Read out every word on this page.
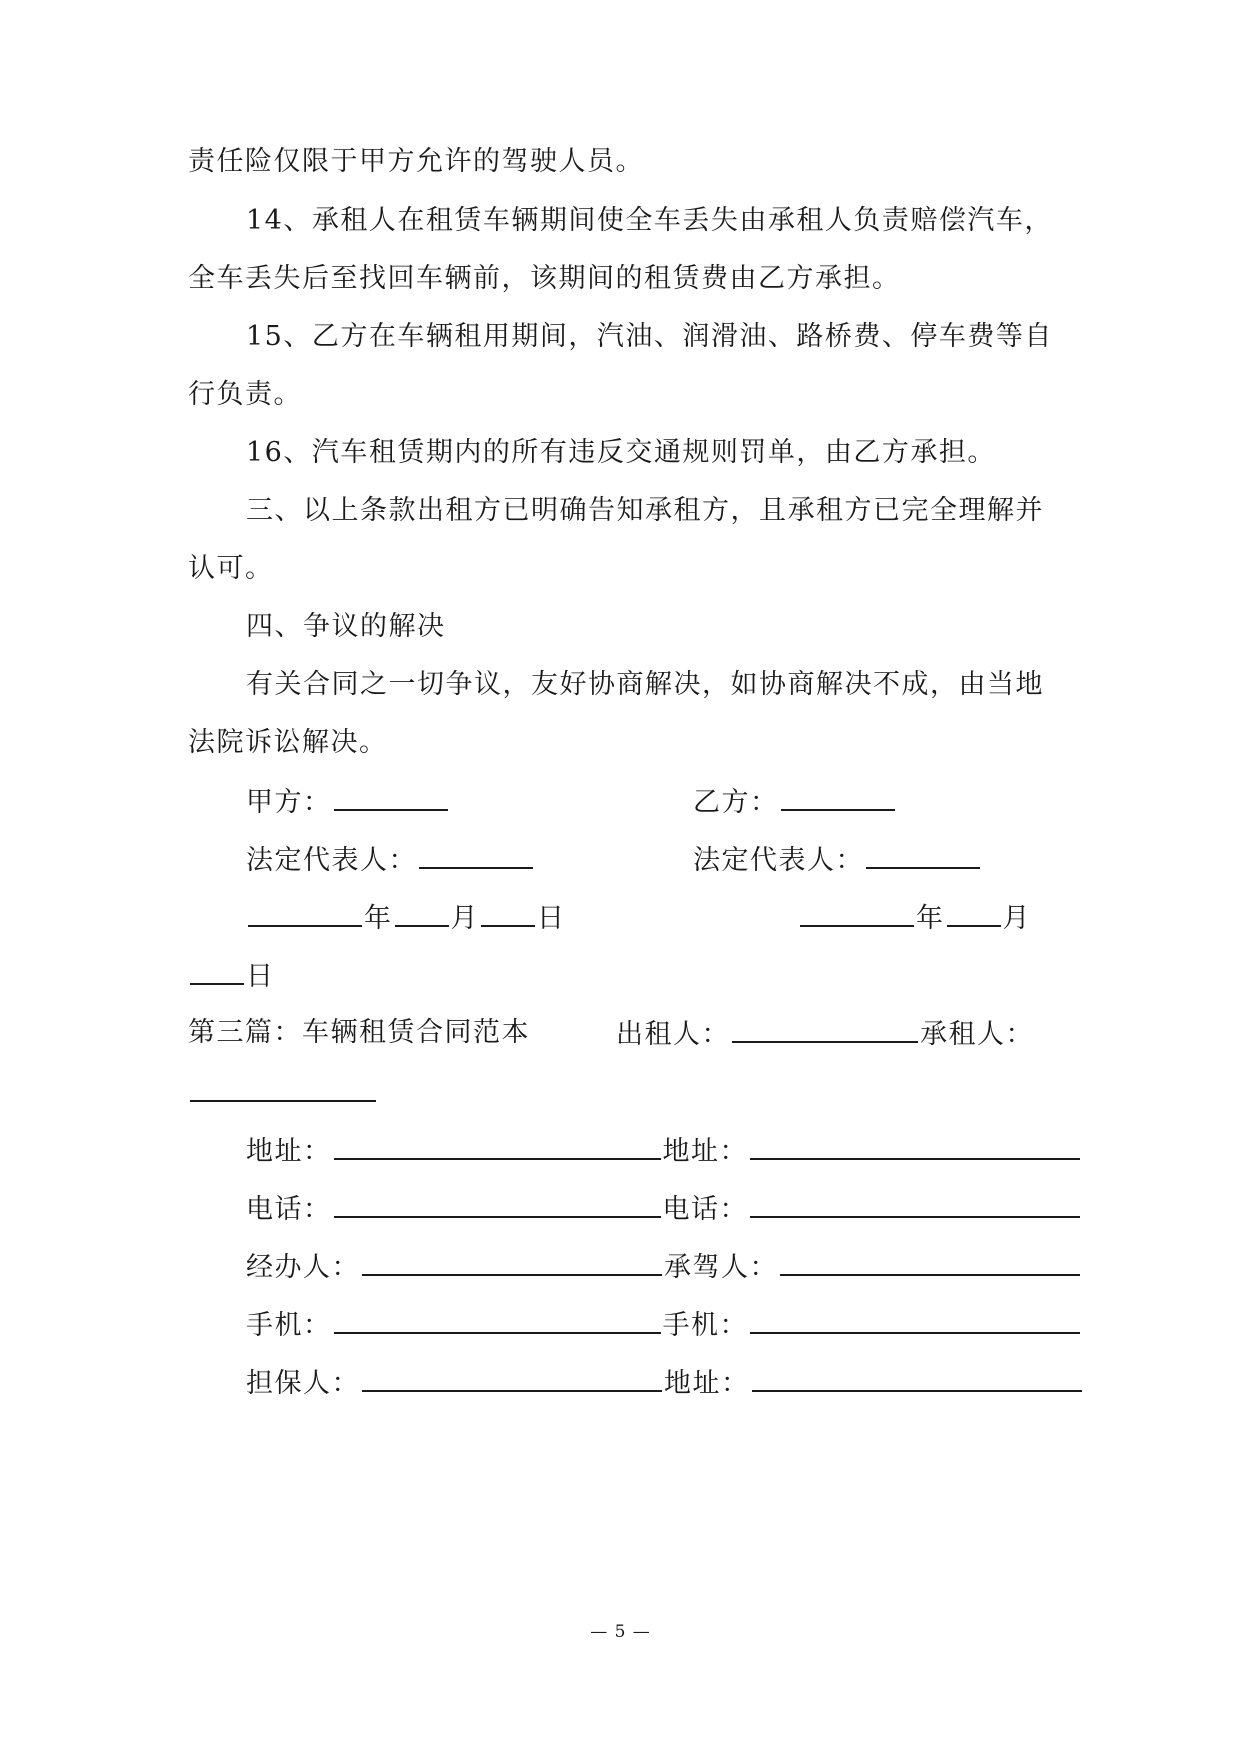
责任险仅限于甲方允许的驾驶人员。
14、承租人在租赁车辆期间使全车丢失由承租人负责赔偿汽车，
全车丢失后至找回车辆前，该期间的租赁费由乙方承担。
15、乙方在车辆租用期间，汽油、润滑油、路桥费、停车费等自
行负责。
16、汽车租赁期内的所有违反交通规则罚单，由乙方承担。
三、以上条款出租方已明确告知承租方，且承租方已完全理解并
认可。
四、争议的解决
有关合同之一切争议，友好协商解决，如协商解决不成，由当地
法院诉讼解决。
甲方：	乙方：
法定代表人：	法定代表人：
年 月 日	年 月
日
第三篇：车辆租赁合同范本	出租人：	承租人：
地址：	地址：
电话：	电话：
经办人：	承驾人：
手机：	手机：
担保人：	地址：
— 5 —
